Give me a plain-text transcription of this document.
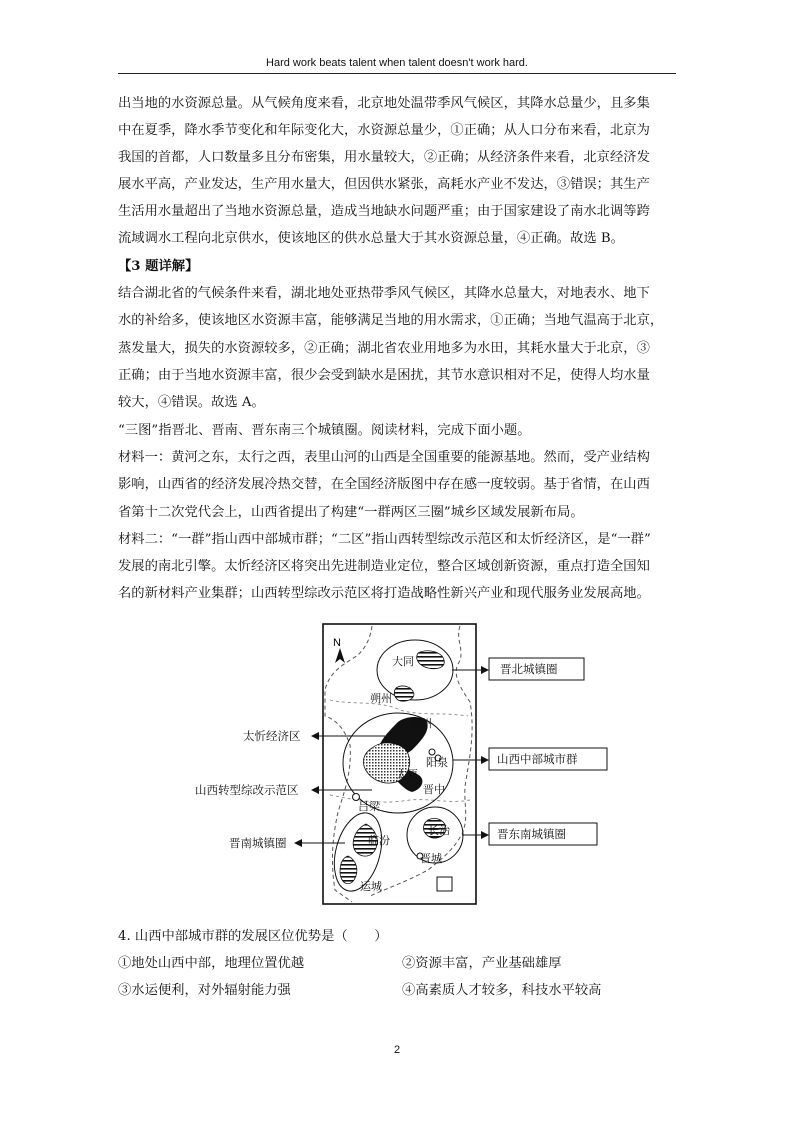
Hard work beats talent when talent doesn't work hard.
出当地的水资源总量。从气候角度来看，北京地处温带季风气候区，其降水总量少，且多集
中在夏季，降水季节变化和年际变化大，水资源总量少，①正确；从人口分布来看，北京为
我国的首都，人口数量多且分布密集，用水量较大，②正确；从经济条件来看，北京经济发
展水平高，产业发达，生产用水量大，但因供水紧张，高耗水产业不发达，③错误；其生产
生活用水量超出了当地水资源总量，造成当地缺水问题严重；由于国家建设了南水北调等跨
流域调水工程向北京供水，使该地区的供水总量大于其水资源总量，④正确。故选 B。
【3 题详解】
结合湖北省的气候条件来看，湖北地处亚热带季风气候区，其降水总量大，对地表水、地下
水的补给多，使该地区水资源丰富，能够满足当地的用水需求，①正确；当地气温高于北京，
蒸发量大，损失的水资源较多，②正确；湖北省农业用地多为水田，其耗水量大于北京，③
正确；由于当地水资源丰富，很少会受到缺水是困扰，其节水意识相对不足，使得人均水量
较大，④错误。故选 A。
“三图”指晋北、晋南、晋东南三个城镇圈。阅读材料，完成下面小题。
材料一：黄河之东，太行之西，表里山河的山西是全国重要的能源基地。然而，受产业结构
影响，山西省的经济发展冷热交替，在全国经济版图中存在感一度较弱。基于省情，在山西
省第十二次党代会上，山西省提出了构建“一群两区三圈”城乡区域发展新布局。
材料二：“一群”指山西中部城市群；“二区”指山西转型综改示范区和太忻经济区，是“一群”
发展的南北引擎。太忻经济区将突出先进制造业定位，整合区域创新资源，重点打造全国知
名的新材料产业集群；山西转型综改示范区将打造战略性新兴产业和现代服务业发展高地。
N
大同
朔州
忻州
阳泉
太原
晋中
吕梁
长治
临汾
晋城
运城
晋北城镇圈
山西中部城市群
晋东南城镇圈
太忻经济区
山西转型综改示范区
晋南城镇圈
4. 山西中部城市群的发展区位优势是（　　）
①地处山西中部，地理位置优越	②资源丰富，产业基础雄厚
③水运便利，对外辐射能力强	④高素质人才较多，科技水平较高
2
